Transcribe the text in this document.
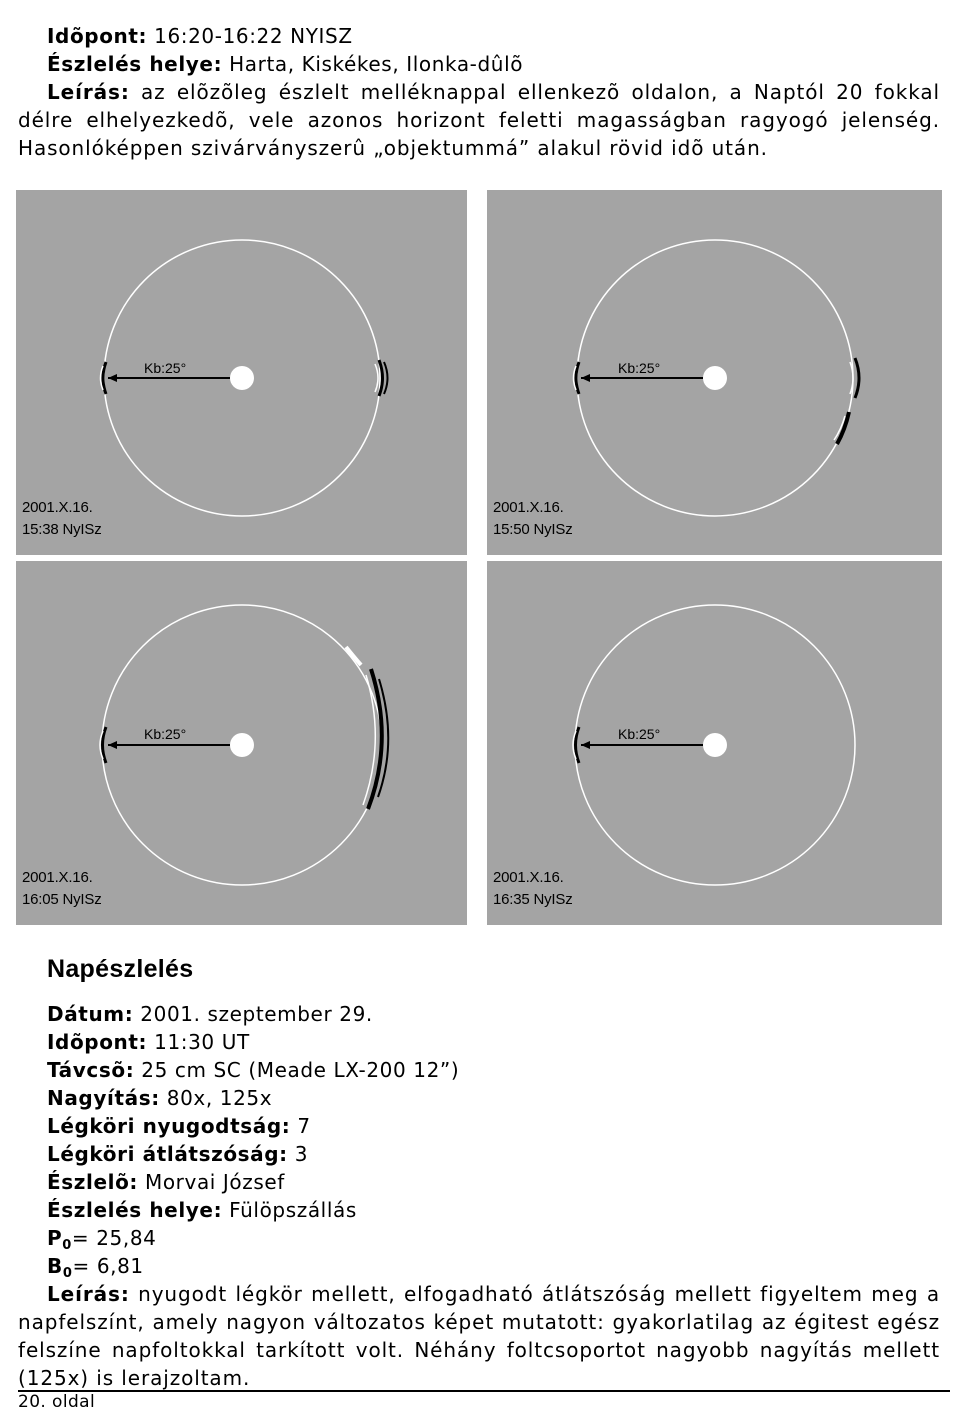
Idõpont: 16:20-16:22 NYISZ
Észlelés helye: Harta, Kiskékes, Ilonka-dûlõ
Leírás: az elõzõleg észlelt melléknappal ellenkezõ oldalon, a Naptól 20 fokkal délre elhelyezkedõ, vele azonos horizont feletti magasságban ragyogó jelenség. Hasonlóképpen szivárványszerû „objektummá” alakul rövid idõ után.
Kb:25°
2001.X.16.
15:38 NyISz
Kb:25°
2001.X.16.
15:50 NyISz
Kb:25°
2001.X.16.
16:05 NyISz
Kb:25°
2001.X.16.
16:35 NyISz
Napészlelés
Dátum: 2001. szeptember 29.
Idõpont: 11:30 UT
Távcsõ: 25 cm SC (Meade LX-200 12”)
Nagyítás: 80x, 125x
Légköri nyugodtság: 7
Légköri átlátszóság: 3
Észlelõ: Morvai József
Észlelés helye: Fülöpszállás
$P_0= 25,84$
$B_0= 6,81$
Leírás: nyugodt légkör mellett, elfogadható átlátszóság mellett figyeltem meg a napfelszínt, amely nagyon változatos képet mutatott: gyakorlatilag az égitest egész felszíne napfoltokkal tarkított volt. Néhány foltcsoportot nagyobb nagyítás mellett (125x) is lerajzoltam.
20. oldal
